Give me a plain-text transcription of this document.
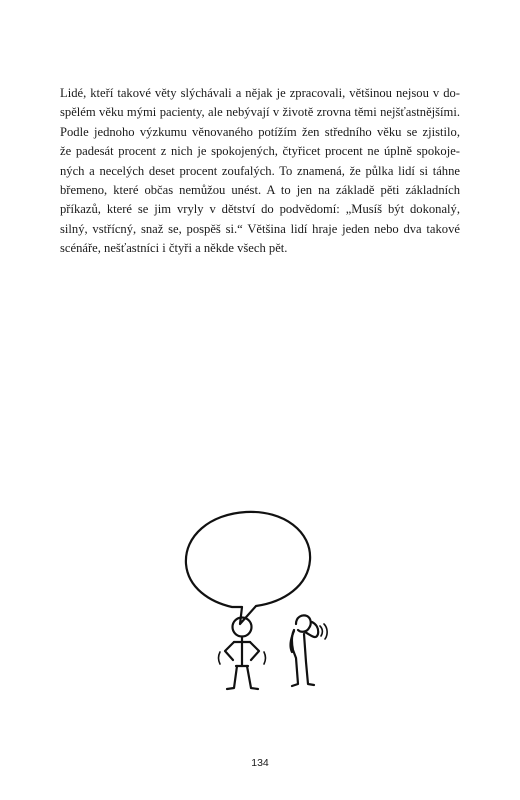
Lidé, kteří takové věty slýchávali a nějak je zpracovali, většinou nejsou v do-
spělém věku mými pacienty, ale nebývají v životě zrovna těmi nejšťastnějšími.
Podle jednoho výzkumu věnovaného potížím žen středního věku se zjistilo,
že padesát procent z nich je spokojených, čtyřicet procent ne úplně spokoje-
ných a necelých deset procent zoufalých. To znamená, že půlka lidí si táhne
břemeno, které občas nemůžou unést. A to jen na základě pěti základních
příkazů, které se jim vryly v dětství do podvědomí: „Musíš být dokonalý,
silný, vstřícný, snaž se, pospěš si.“ Většina lidí hraje jeden nebo dva takové
scénáře, nešťastníci i čtyři a někde všech pět.
134
